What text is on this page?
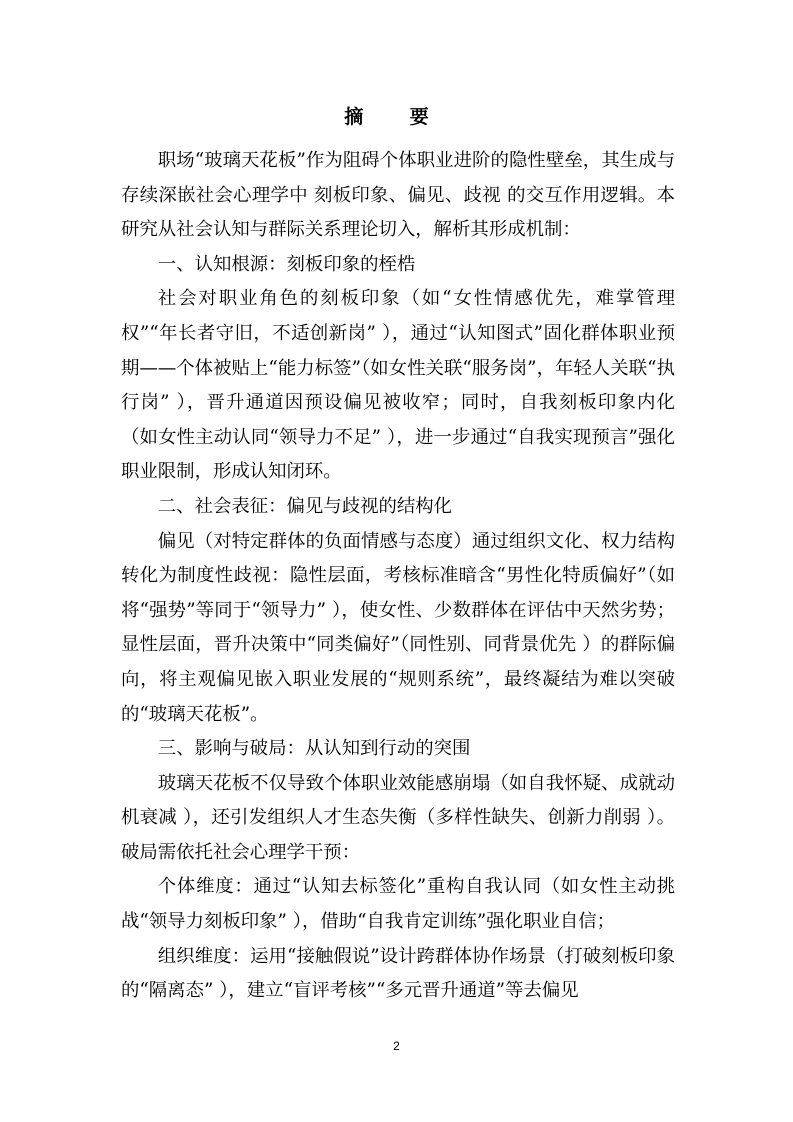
摘 要

职场“玻璃天花板”作为阻碍个体职业进阶的隐性壁垒，其生成与存续深嵌社会心理学中 刻板印象、偏见、歧视 的交互作用逻辑。本研究从社会认知与群际关系理论切入，解析其形成机制：

一、认知根源：刻板印象的桎梏

社会对职业角色的刻板印象（如“女性情感优先，难掌管理权”“年长者守旧，不适创新岗” ），通过“认知图式”固化群体职业预期——个体被贴上“能力标签”（如女性关联“服务岗”，年轻人关联“执行岗” ），晋升通道因预设偏见被收窄；同时，自我刻板印象内化（如女性主动认同“领导力不足” ），进一步通过“自我实现预言”强化职业限制，形成认知闭环。

二、社会表征：偏见与歧视的结构化

偏见（对特定群体的负面情感与态度）通过组织文化、权力结构转化为制度性歧视：隐性层面，考核标准暗含“男性化特质偏好”（如将“强势”等同于“领导力” ），使女性、少数群体在评估中天然劣势；显性层面，晋升决策中“同类偏好”（同性别、同背景优先 ）的群际偏向，将主观偏见嵌入职业发展的“规则系统”，最终凝结为难以突破的“玻璃天花板”。

三、影响与破局：从认知到行动的突围

玻璃天花板不仅导致个体职业效能感崩塌（如自我怀疑、成就动机衰减 ），还引发组织人才生态失衡（多样性缺失、创新力削弱 ）。破局需依托社会心理学干预：

个体维度：通过“认知去标签化”重构自我认同（如女性主动挑战“领导力刻板印象” ），借助“自我肯定训练”强化职业自信；

组织维度：运用“接触假说”设计跨群体协作场景（打破刻板印象的“隔离态” ），建立“盲评考核”“多元晋升通道”等去偏见

2
